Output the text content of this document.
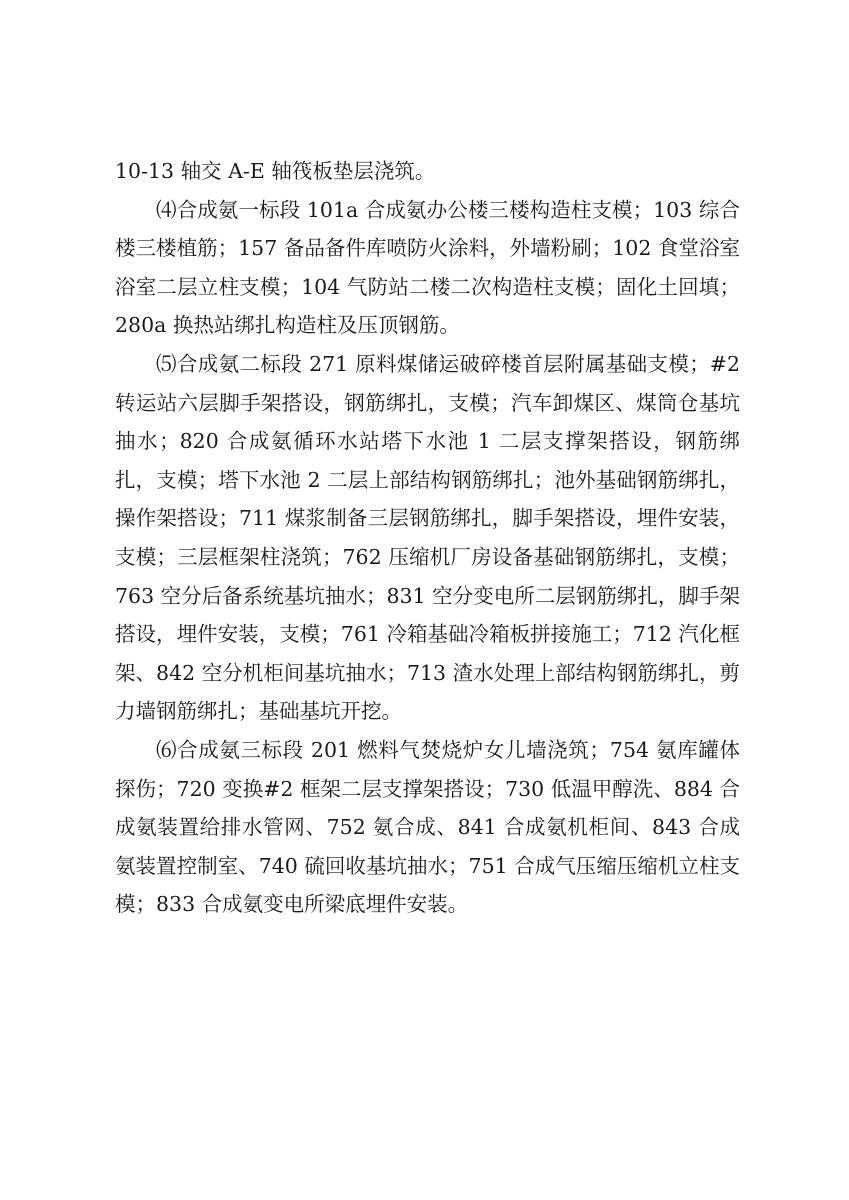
10-13 轴交 A-E 轴筏板垫层浇筑。

⑷合成氨一标段 101a 合成氨办公楼三楼构造柱支模；103 综合楼三楼植筋；157 备品备件库喷防火涂料，外墙粉刷；102 食堂浴室浴室二层立柱支模；104 气防站二楼二次构造柱支模；固化土回填；280a 换热站绑扎构造柱及压顶钢筋。

⑸合成氨二标段 271 原料煤储运破碎楼首层附属基础支模；#2 转运站六层脚手架搭设，钢筋绑扎，支模；汽车卸煤区、煤筒仓基坑抽水；820 合成氨循环水站塔下水池 1 二层支撑架搭设，钢筋绑扎，支模；塔下水池 2 二层上部结构钢筋绑扎；池外基础钢筋绑扎，操作架搭设；711 煤浆制备三层钢筋绑扎，脚手架搭设，埋件安装，支模；三层框架柱浇筑；762 压缩机厂房设备基础钢筋绑扎，支模；763 空分后备系统基坑抽水；831 空分变电所二层钢筋绑扎，脚手架搭设，埋件安装，支模；761 冷箱基础冷箱板拼接施工；712 汽化框架、842 空分机柜间基坑抽水；713 渣水处理上部结构钢筋绑扎，剪力墙钢筋绑扎；基础基坑开挖。

⑹合成氨三标段 201 燃料气焚烧炉女儿墙浇筑；754 氨库罐体探伤；720 变换#2 框架二层支撑架搭设；730 低温甲醇洗、884 合成氨装置给排水管网、752 氨合成、841 合成氨机柜间、843 合成氨装置控制室、740 硫回收基坑抽水；751 合成气压缩压缩机立柱支模；833 合成氨变电所梁底埋件安装。
